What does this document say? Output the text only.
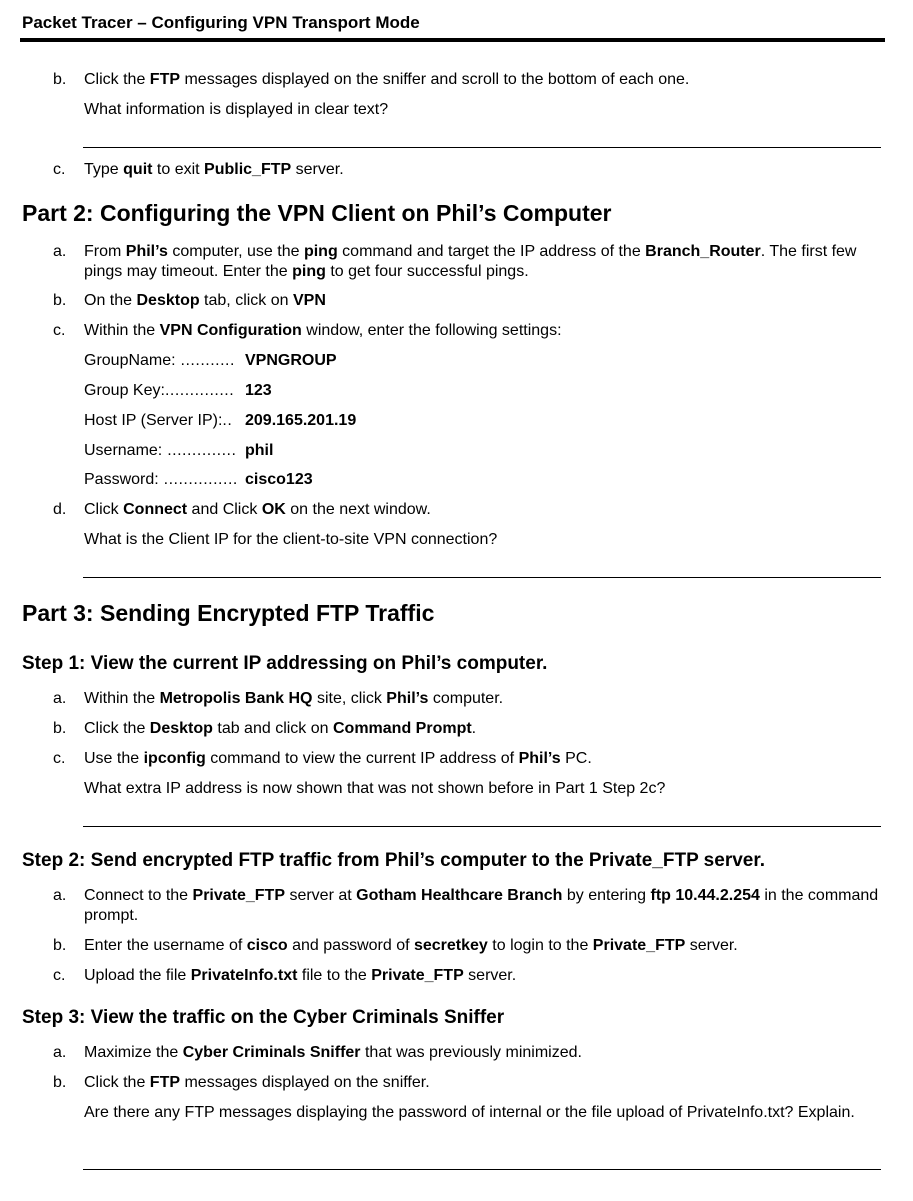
Packet Tracer – Configuring VPN Transport Mode
b. Click the FTP messages displayed on the sniffer and scroll to the bottom of each one.
What information is displayed in clear text?
c. Type quit to exit Public_FTP server.
Part 2: Configuring the VPN Client on Phil’s Computer
a. From Phil’s computer, use the ping command and target the IP address of the Branch_Router. The first few pings may timeout. Enter the ping to get four successful pings.
b. On the Desktop tab, click on VPN
c. Within the VPN Configuration window, enter the following settings:
GroupName: ........... VPNGROUP
Group Key:.............. 123
Host IP (Server IP):.. 209.165.201.19
Username: .............. phil
Password: ............... cisco123
d. Click Connect and Click OK on the next window.
What is the Client IP for the client-to-site VPN connection?
Part 3: Sending Encrypted FTP Traffic
Step 1: View the current IP addressing on Phil’s computer.
a. Within the Metropolis Bank HQ site, click Phil’s computer.
b. Click the Desktop tab and click on Command Prompt.
c. Use the ipconfig command to view the current IP address of Phil’s PC.
What extra IP address is now shown that was not shown before in Part 1 Step 2c?
Step 2: Send encrypted FTP traffic from Phil’s computer to the Private_FTP server.
a. Connect to the Private_FTP server at Gotham Healthcare Branch by entering ftp 10.44.2.254 in the command prompt.
b. Enter the username of cisco and password of secretkey to login to the Private_FTP server.
c. Upload the file PrivateInfo.txt file to the Private_FTP server.
Step 3: View the traffic on the Cyber Criminals Sniffer
a. Maximize the Cyber Criminals Sniffer that was previously minimized.
b. Click the FTP messages displayed on the sniffer.
Are there any FTP messages displaying the password of internal or the file upload of PrivateInfo.txt? Explain.
